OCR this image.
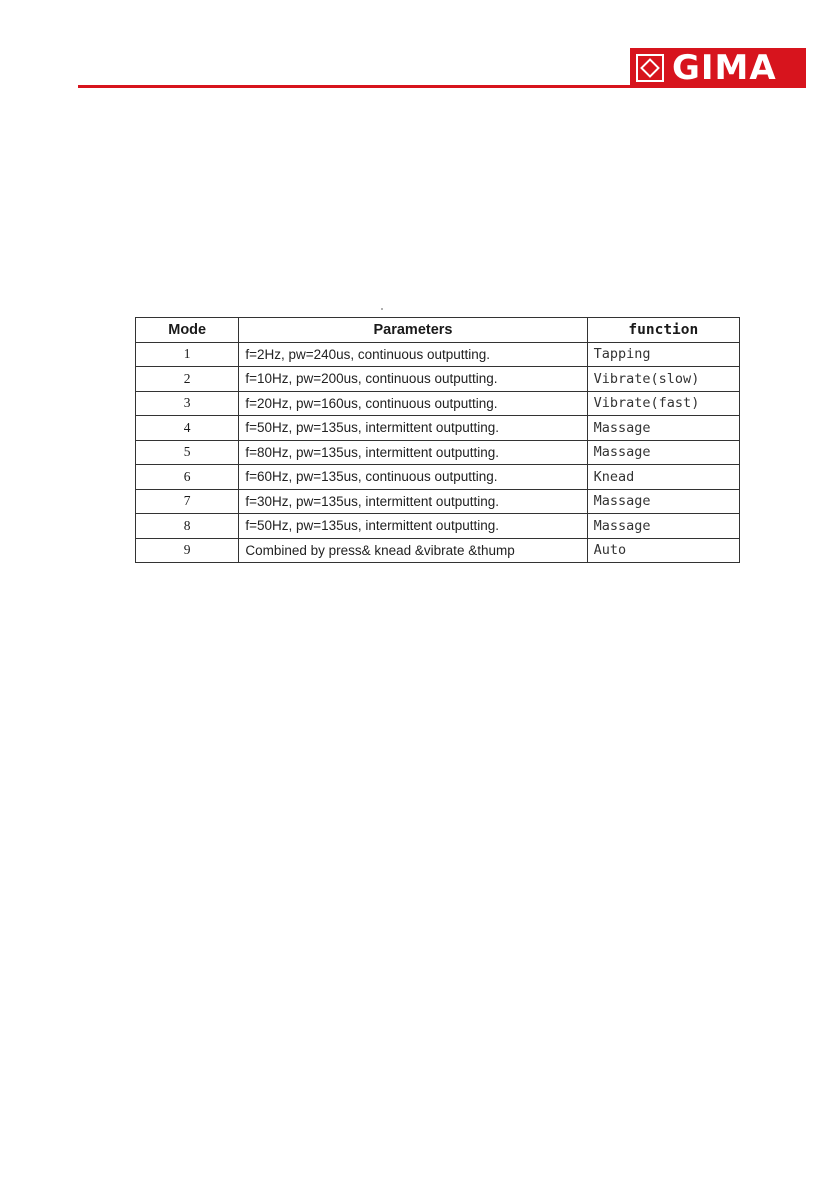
GIMA
Mode	Parameters	function
1	f=2Hz, pw=240us, continuous outputting.	Tapping
2	f=10Hz, pw=200us, continuous outputting.	Vibrate(slow)
3	f=20Hz, pw=160us, continuous outputting.	Vibrate(fast)
4	f=50Hz, pw=135us, intermittent outputting.	Massage
5	f=80Hz, pw=135us, intermittent outputting.	Massage
6	f=60Hz, pw=135us, continuous outputting.	Knead
7	f=30Hz, pw=135us, intermittent outputting.	Massage
8	f=50Hz, pw=135us, intermittent outputting.	Massage
9	Combined by press& knead &vibrate &thump	Auto
